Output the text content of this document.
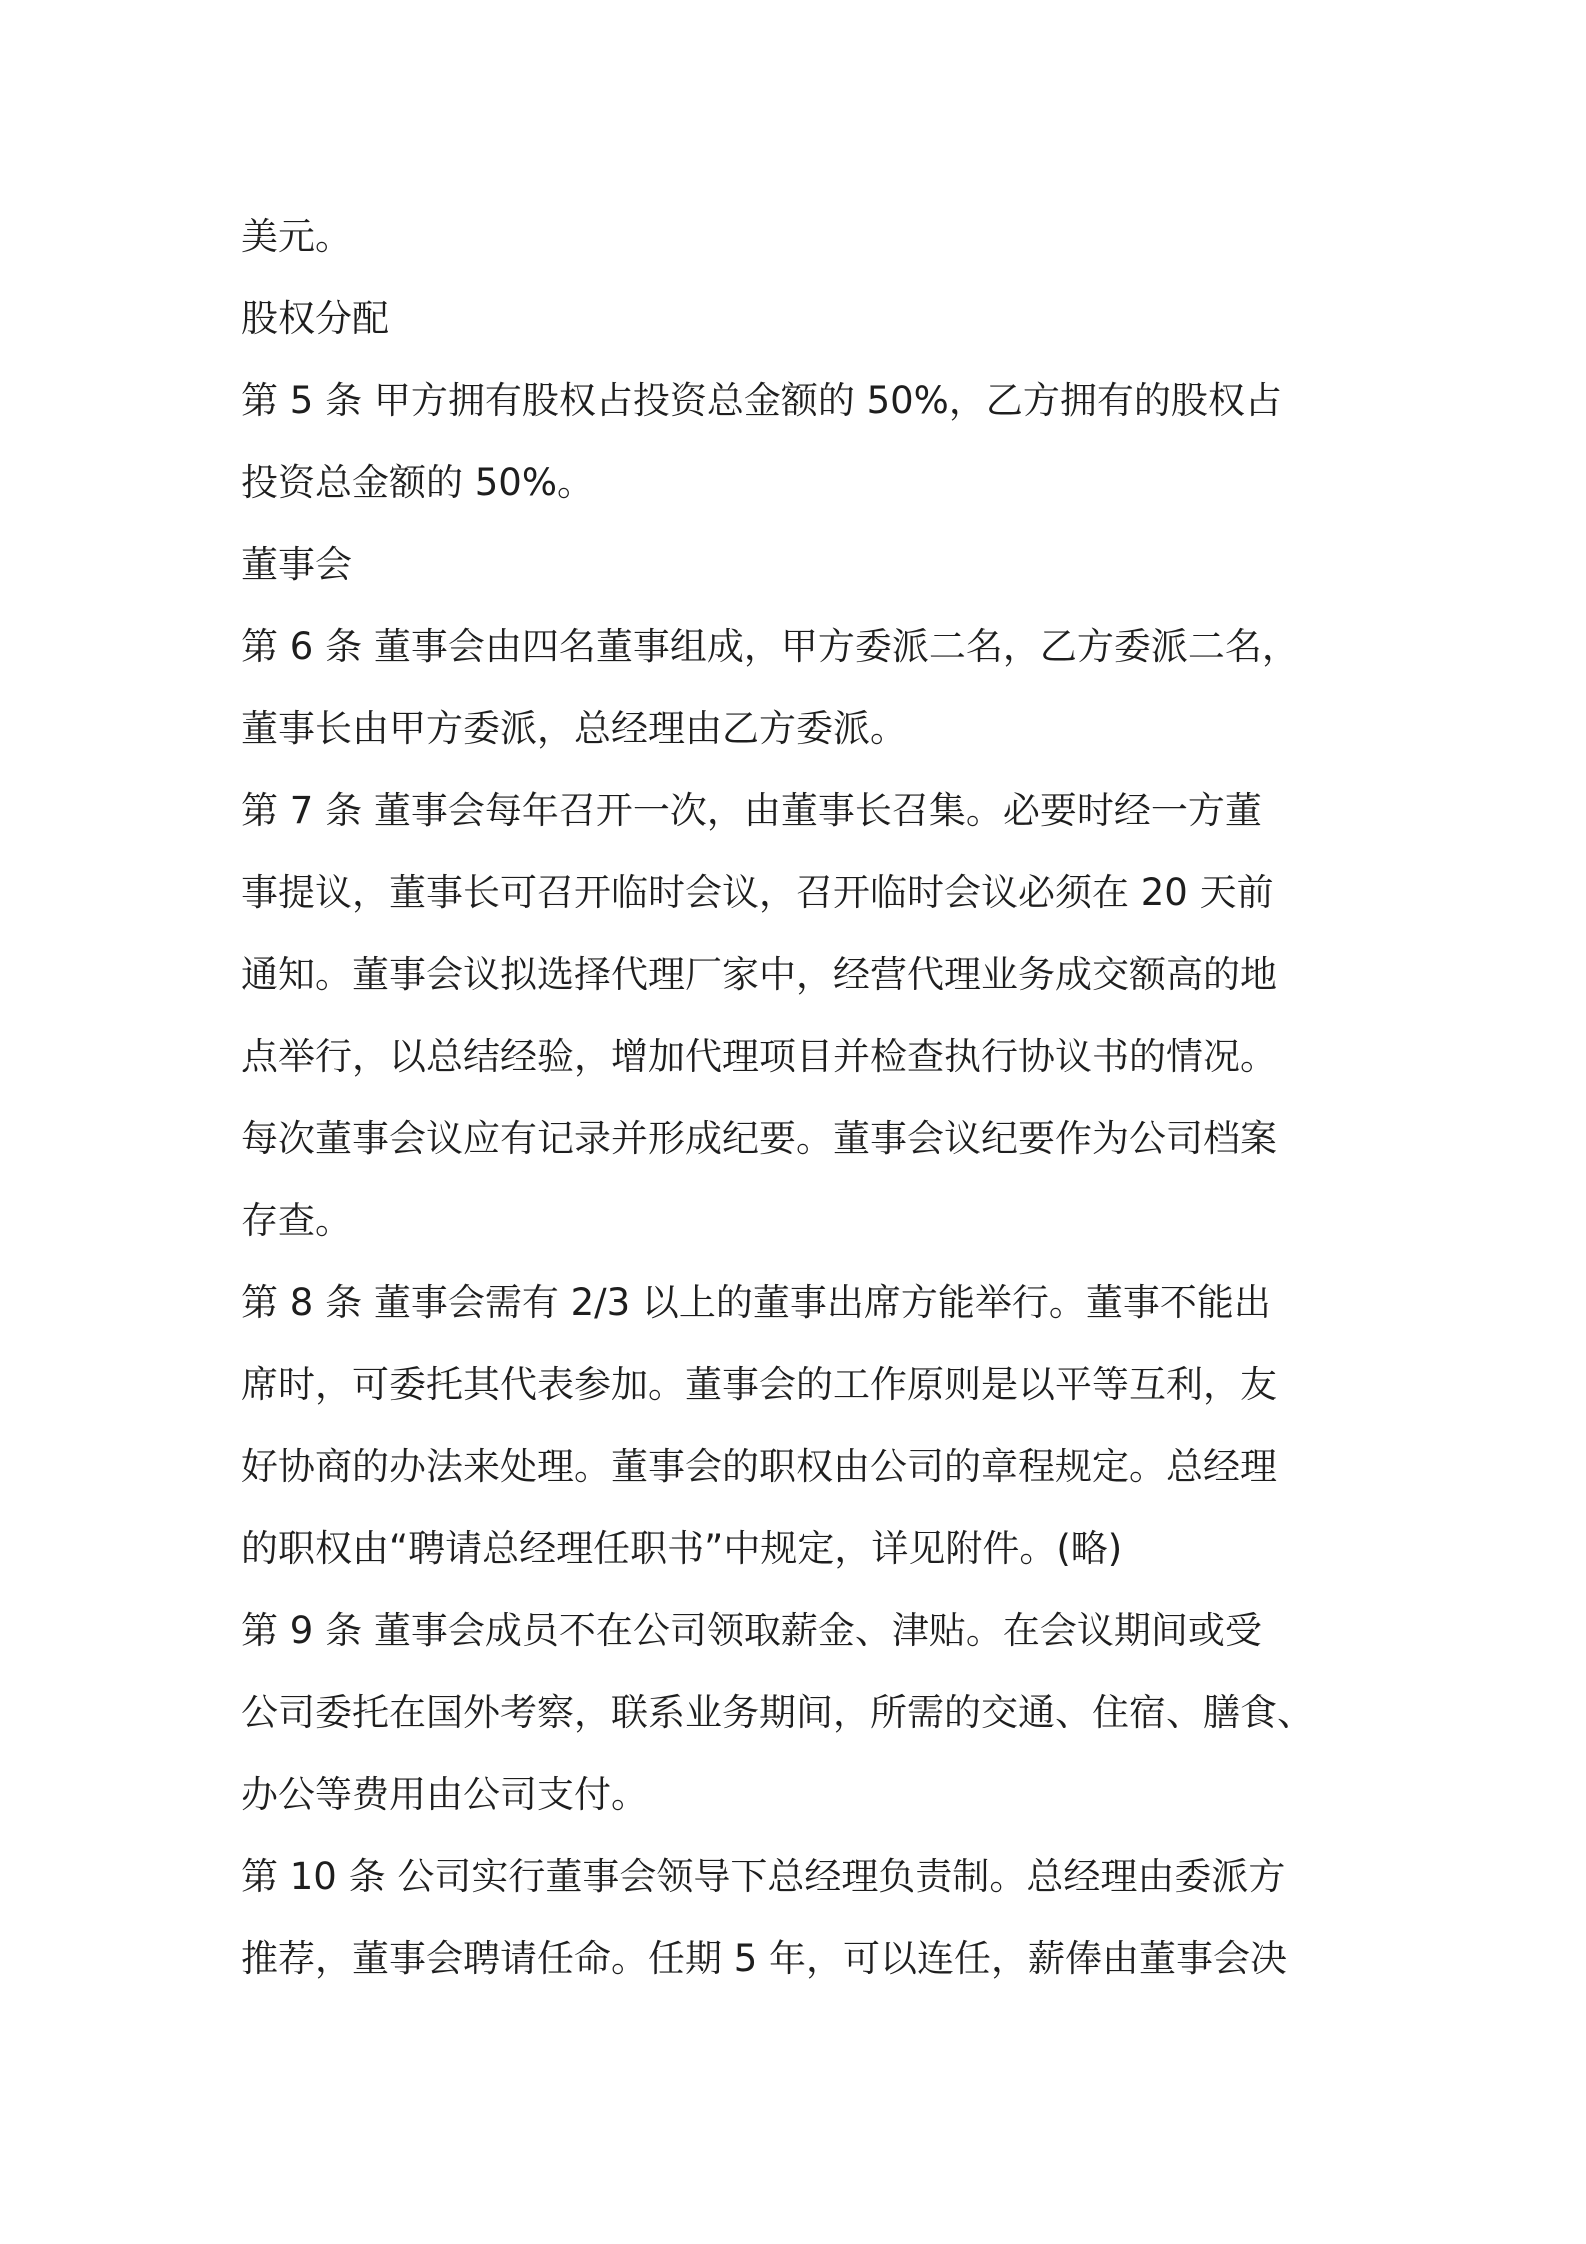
美元。
股权分配
第 5 条 甲方拥有股权占投资总金额的 50%，乙方拥有的股权占
投资总金额的 50%。
董事会
第 6 条 董事会由四名董事组成，甲方委派二名，乙方委派二名，
董事长由甲方委派，总经理由乙方委派。
第 7 条 董事会每年召开一次，由董事长召集。必要时经一方董
事提议，董事长可召开临时会议，召开临时会议必须在 20 天前
通知。董事会议拟选择代理厂家中，经营代理业务成交额高的地
点举行，以总结经验，增加代理项目并检查执行协议书的情况。
每次董事会议应有记录并形成纪要。董事会议纪要作为公司档案
存查。
第 8 条 董事会需有 2/3 以上的董事出席方能举行。董事不能出
席时，可委托其代表参加。董事会的工作原则是以平等互利，友
好协商的办法来处理。董事会的职权由公司的章程规定。总经理
的职权由“聘请总经理任职书”中规定，详见附件。(略)
第 9 条 董事会成员不在公司领取薪金、津贴。在会议期间或受
公司委托在国外考察，联系业务期间，所需的交通、住宿、膳食、
办公等费用由公司支付。
第 10 条 公司实行董事会领导下总经理负责制。总经理由委派方
推荐，董事会聘请任命。任期 5 年，可以连任，薪俸由董事会决
